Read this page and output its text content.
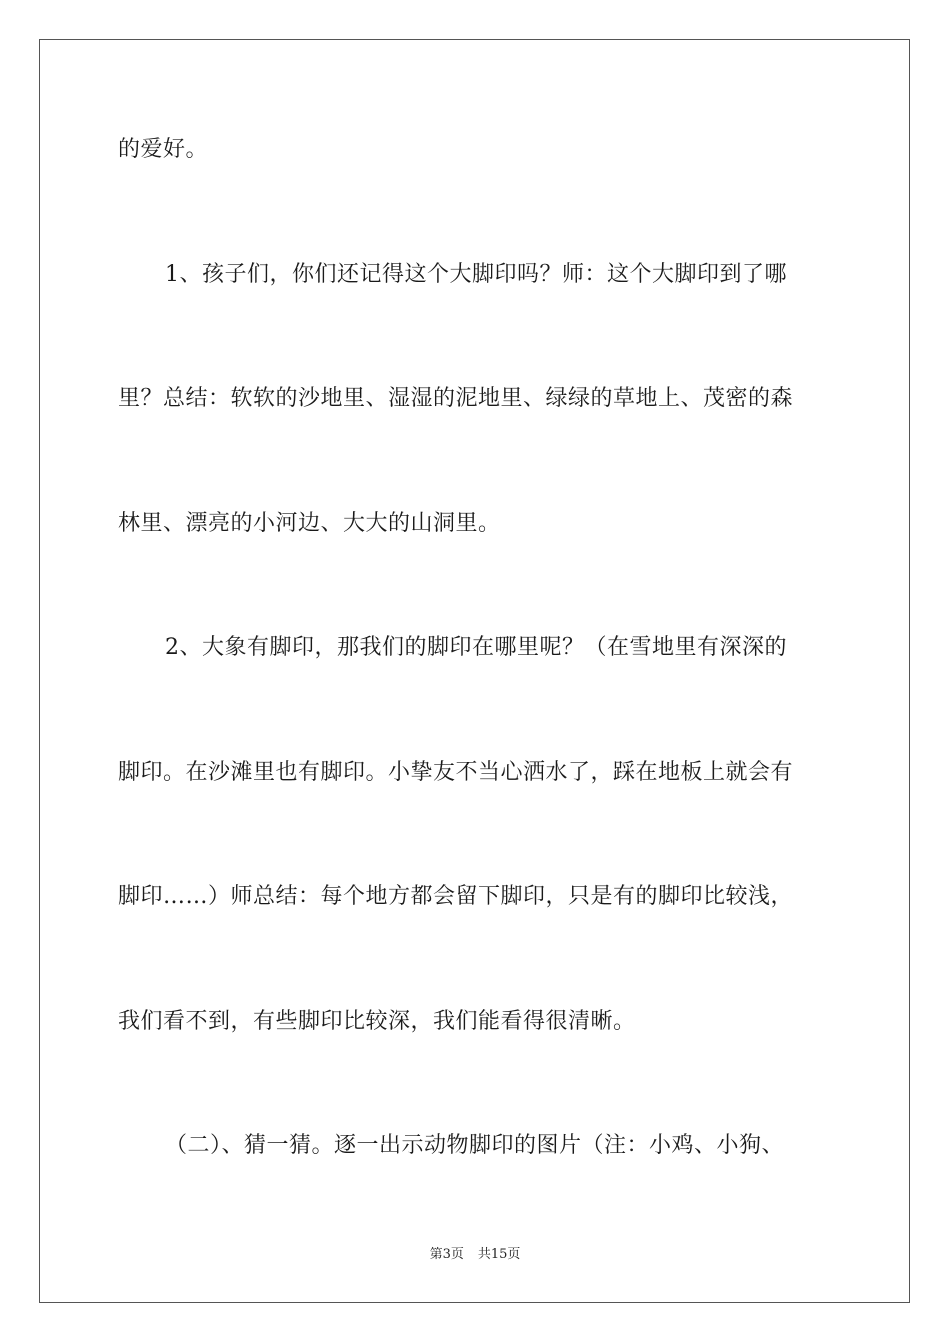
的爱好。

1、孩子们，你们还记得这个大脚印吗？师：这个大脚印到了哪

里？总结：软软的沙地里、湿湿的泥地里、绿绿的草地上、茂密的森

林里、漂亮的小河边、大大的山洞里。

2、大象有脚印，那我们的脚印在哪里呢？（在雪地里有深深的

脚印。在沙滩里也有脚印。小挚友不当心洒水了，踩在地板上就会有

脚印……）师总结：每个地方都会留下脚印，只是有的脚印比较浅，

我们看不到，有些脚印比较深，我们能看得很清晰。

（二）、猜一猜。逐一出示动物脚印的图片（注：小鸡、小狗、

第3页 共15页
